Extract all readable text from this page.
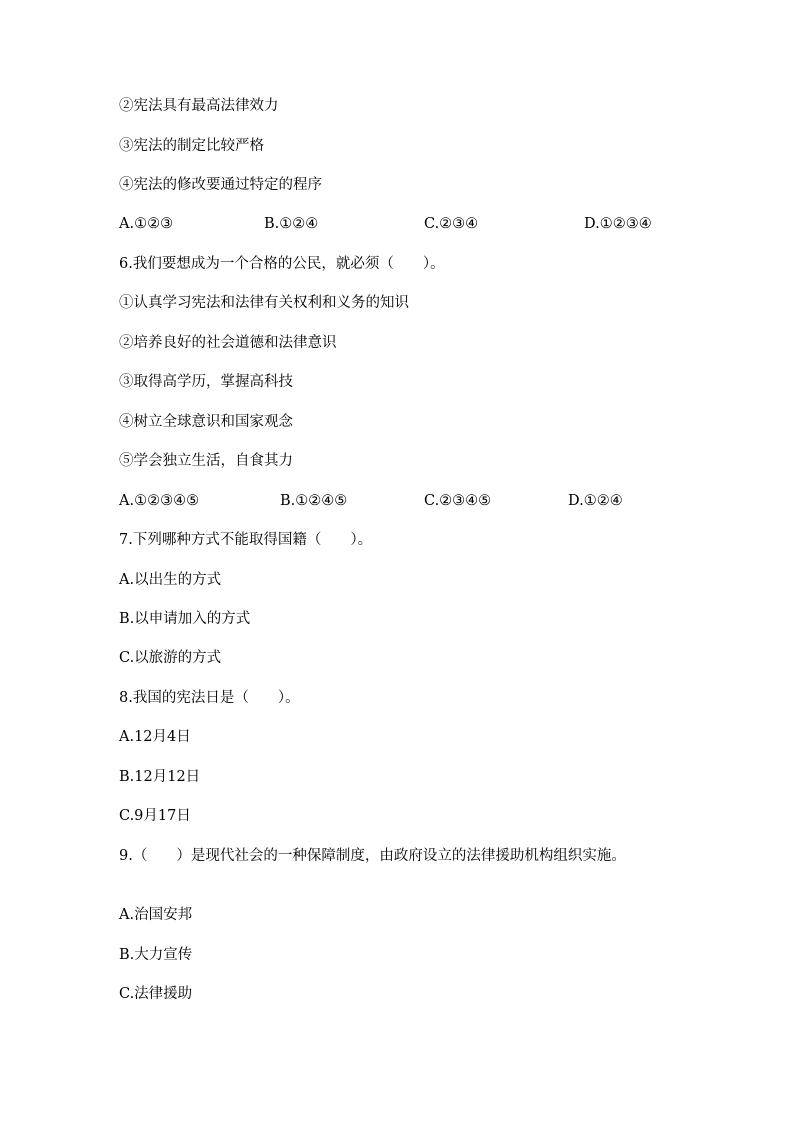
②宪法具有最高法律效力
③宪法的制定比较严格
④宪法的修改要通过特定的程序
A.①②③	B.①②④	C.②③④	D.①②③④
6.我们要想成为一个合格的公民，就必须（　　）。
①认真学习宪法和法律有关权利和义务的知识
②培养良好的社会道德和法律意识
③取得高学历，掌握高科技
④树立全球意识和国家观念
⑤学会独立生活，自食其力
A.①②③④⑤	B.①②④⑤	C.②③④⑤	D.①②④
7.下列哪种方式不能取得国籍（　　）。
A.以出生的方式
B.以申请加入的方式
C.以旅游的方式
8.我国的宪法日是（　　）。
A.12月4日
B.12月12日
C.9月17日
9.（　　）是现代社会的一种保障制度，由政府设立的法律援助机构组织实施。
A.治国安邦
B.大力宣传
C.法律援助
